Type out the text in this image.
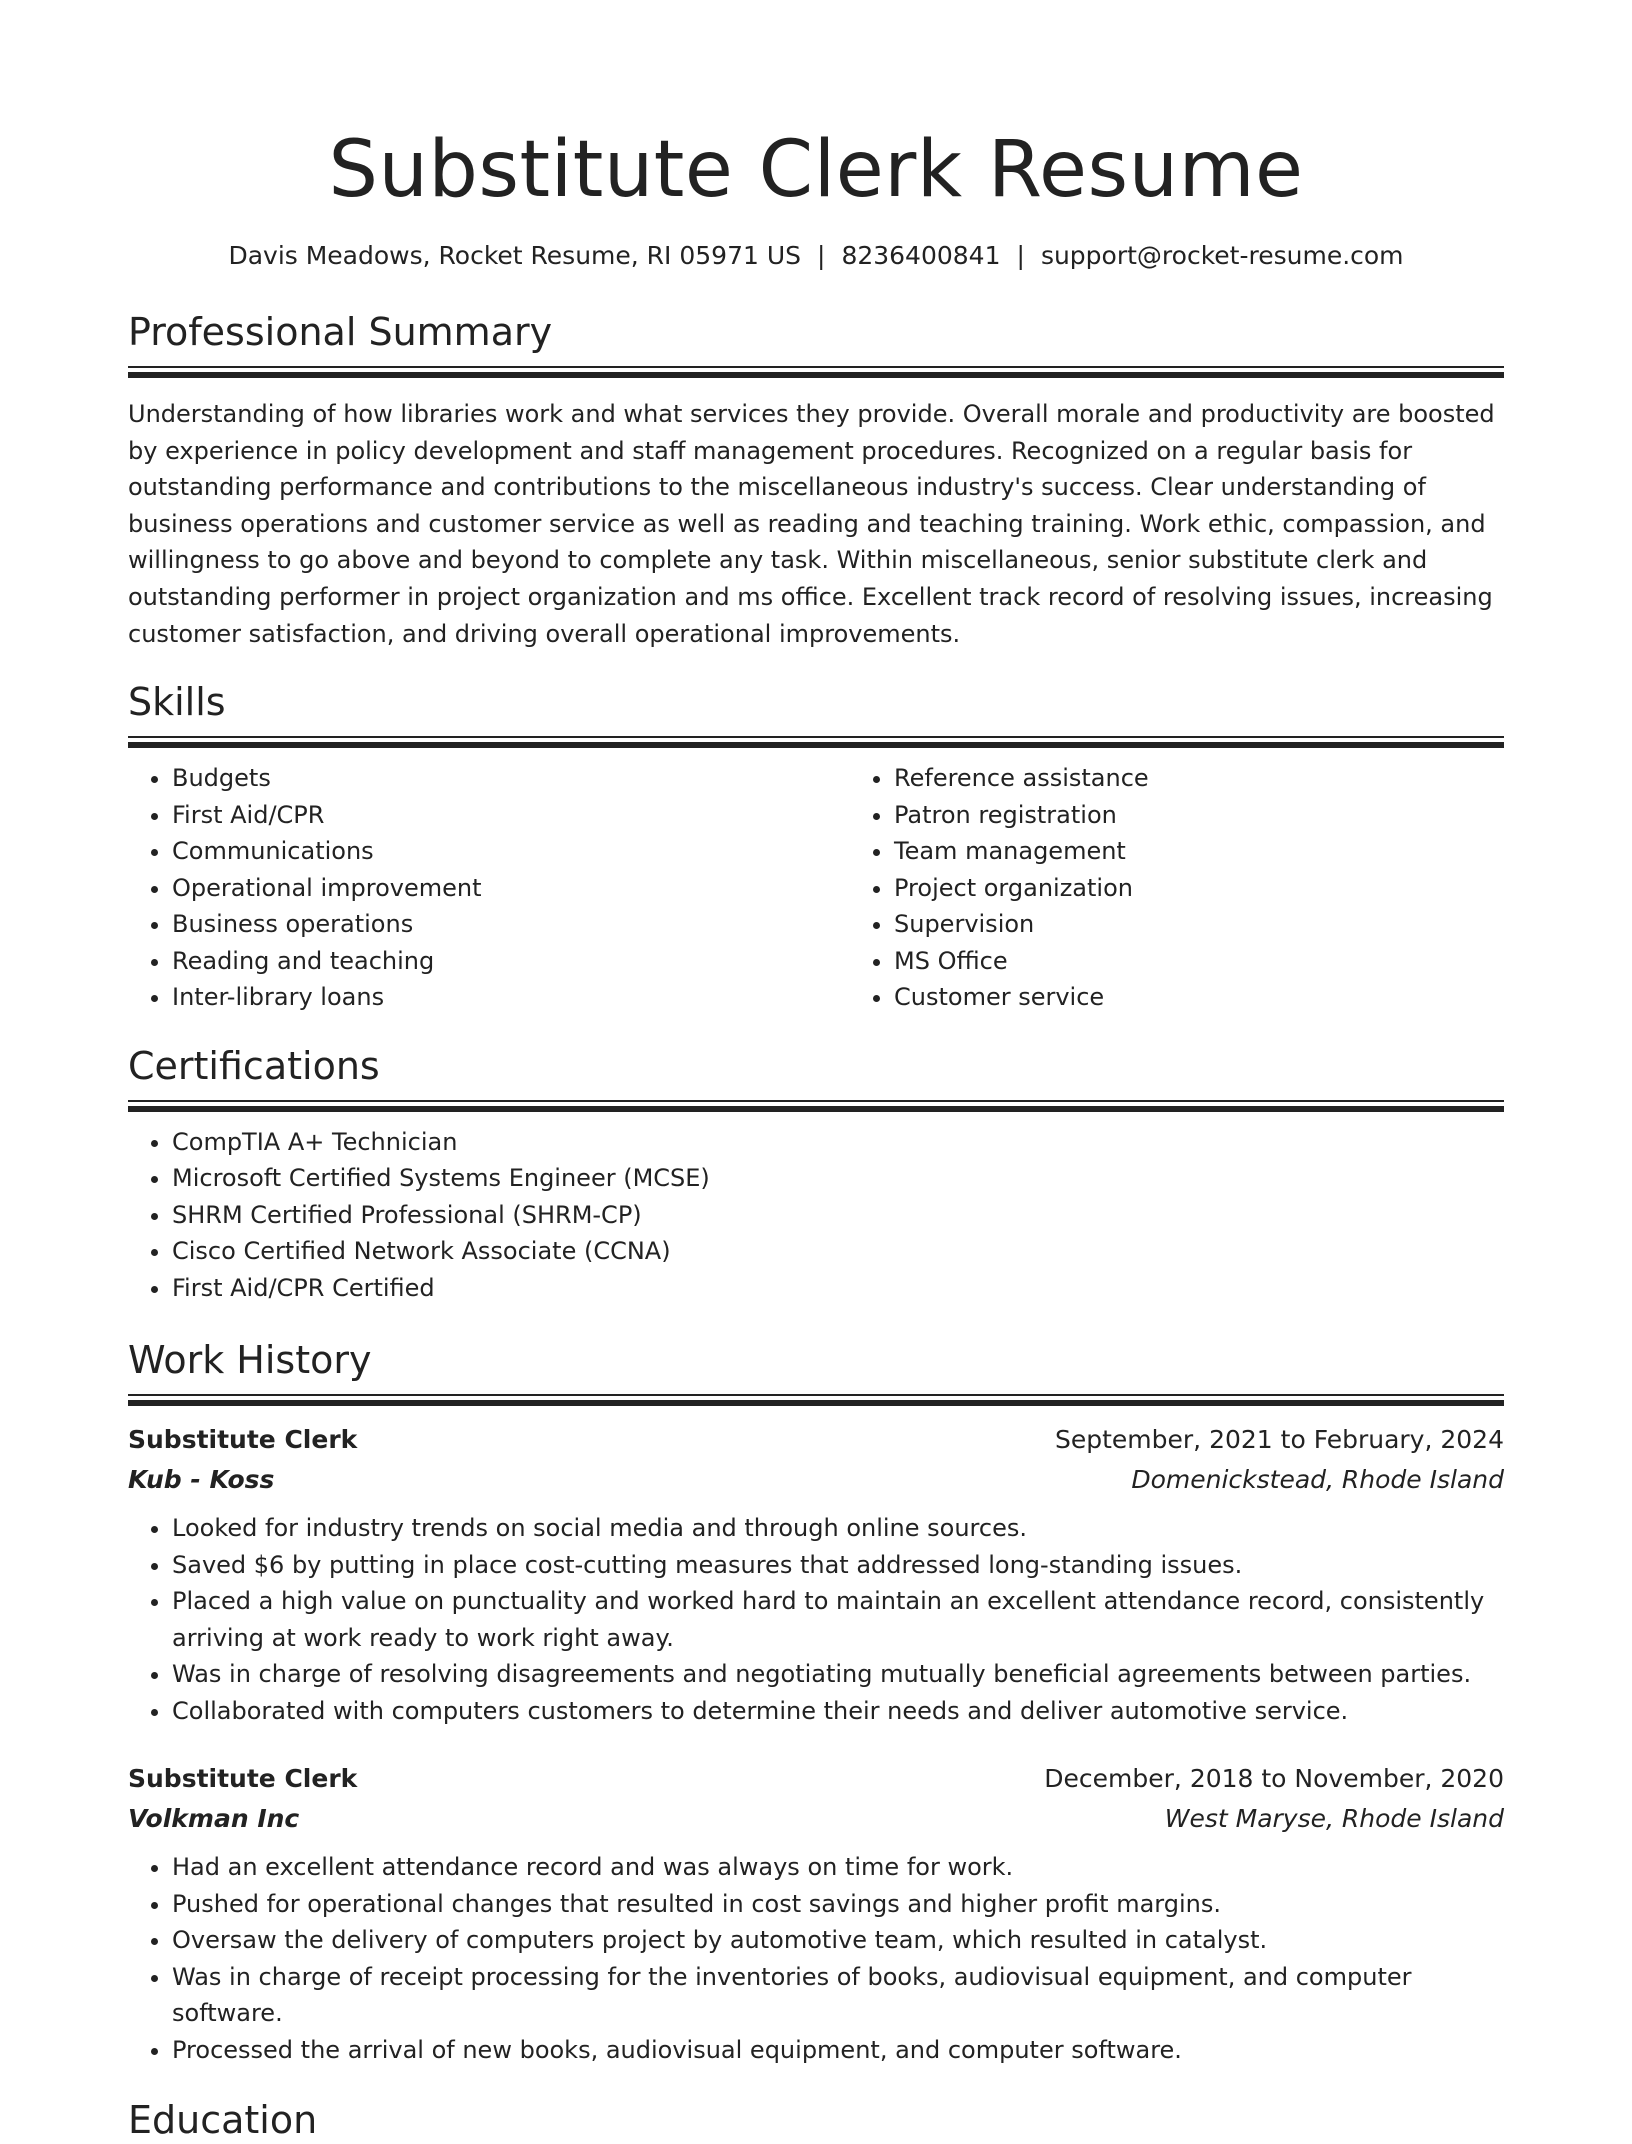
Substitute Clerk Resume
Davis Meadows, Rocket Resume, RI 05971 US | 8236400841 | support@rocket-resume.com
Professional Summary

Understanding of how libraries work and what services they provide. Overall morale and productivity are boosted by experience in policy development and staff management procedures. Recognized on a regular basis for outstanding performance and contributions to the miscellaneous industry's success. Clear understanding of business operations and customer service as well as reading and teaching training. Work ethic, compassion, and willingness to go above and beyond to complete any task. Within miscellaneous, senior substitute clerk and outstanding performer in project organization and ms office. Excellent track record of resolving issues, increasing customer satisfaction, and driving overall operational improvements.

Skills
• Budgets
• First Aid/CPR
• Communications
• Operational improvement
• Business operations
• Reading and teaching
• Inter-library loans
• Reference assistance
• Patron registration
• Team management
• Project organization
• Supervision
• MS Office
• Customer service
Certifications
• CompTIA A+ Technician
• Microsoft Certified Systems Engineer (MCSE)
• SHRM Certified Professional (SHRM-CP)
• Cisco Certified Network Associate (CCNA)
• First Aid/CPR Certified
Work History
Substitute Clerk	September, 2021 to February, 2024
Kub - Koss	Domenickstead, Rhode Island
• Looked for industry trends on social media and through online sources.
• Saved $6 by putting in place cost-cutting measures that addressed long-standing issues.
• Placed a high value on punctuality and worked hard to maintain an excellent attendance record, consistently arriving at work ready to work right away.
• Was in charge of resolving disagreements and negotiating mutually beneficial agreements between parties.
• Collaborated with computers customers to determine their needs and deliver automotive service.
Substitute Clerk	December, 2018 to November, 2020
Volkman Inc	West Maryse, Rhode Island
• Had an excellent attendance record and was always on time for work.
• Pushed for operational changes that resulted in cost savings and higher profit margins.
• Oversaw the delivery of computers project by automotive team, which resulted in catalyst.
• Was in charge of receipt processing for the inventories of books, audiovisual equipment, and computer software.
• Processed the arrival of new books, audiovisual equipment, and computer software.
Education
